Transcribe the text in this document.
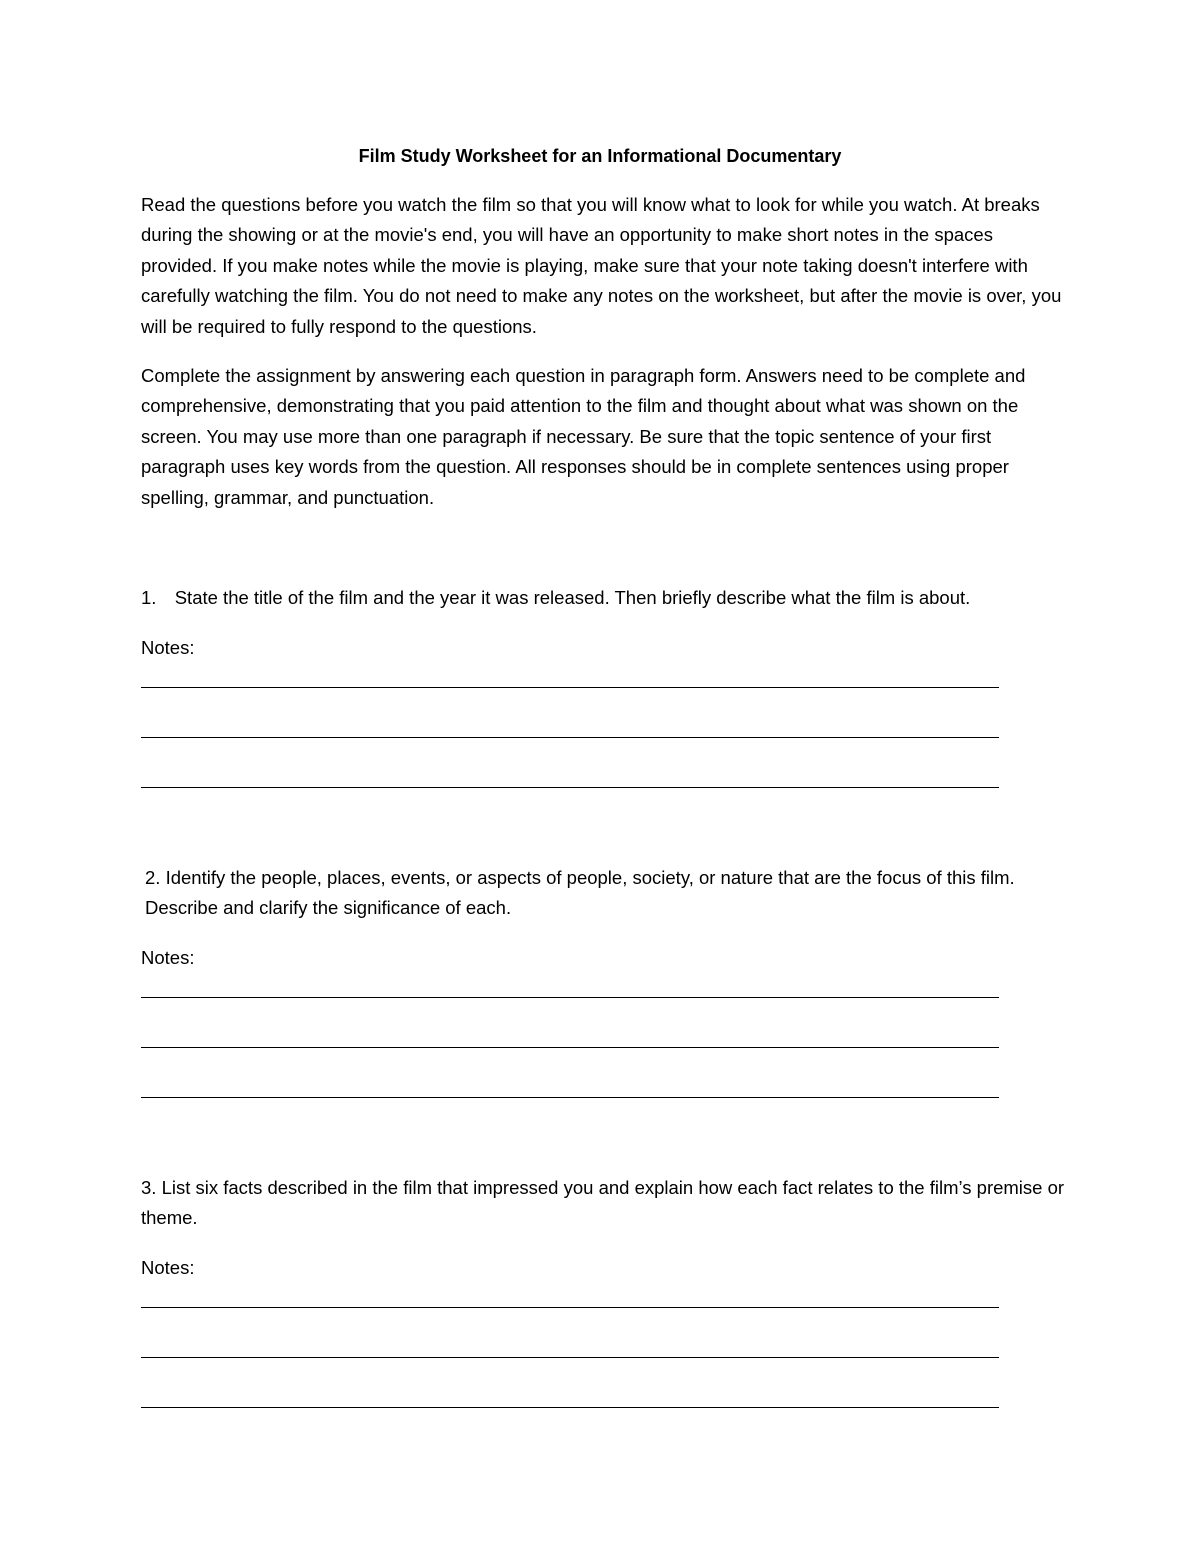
Film Study Worksheet for an Informational Documentary

Read the questions before you watch the film so that you will know what to look for while you watch. At breaks during the showing or at the movie's end, you will have an opportunity to make short notes in the spaces provided. If you make notes while the movie is playing, make sure that your note taking doesn't interfere with carefully watching the film. You do not need to make any notes on the worksheet, but after the movie is over, you will be required to fully respond to the questions.

Complete the assignment by answering each question in paragraph form. Answers need to be complete and comprehensive, demonstrating that you paid attention to the film and thought about what was shown on the screen. You may use more than one paragraph if necessary. Be sure that the topic sentence of your first paragraph uses key words from the question. All responses should be in complete sentences using proper spelling, grammar, and punctuation.

1. State the title of the film and the year it was released. Then briefly describe what the film is about.
Notes:
2. Identify the people, places, events, or aspects of people, society, or nature that are the focus of this film. Describe and clarify the significance of each.
Notes:
3. List six facts described in the film that impressed you and explain how each fact relates to the film’s premise or theme.
Notes:
